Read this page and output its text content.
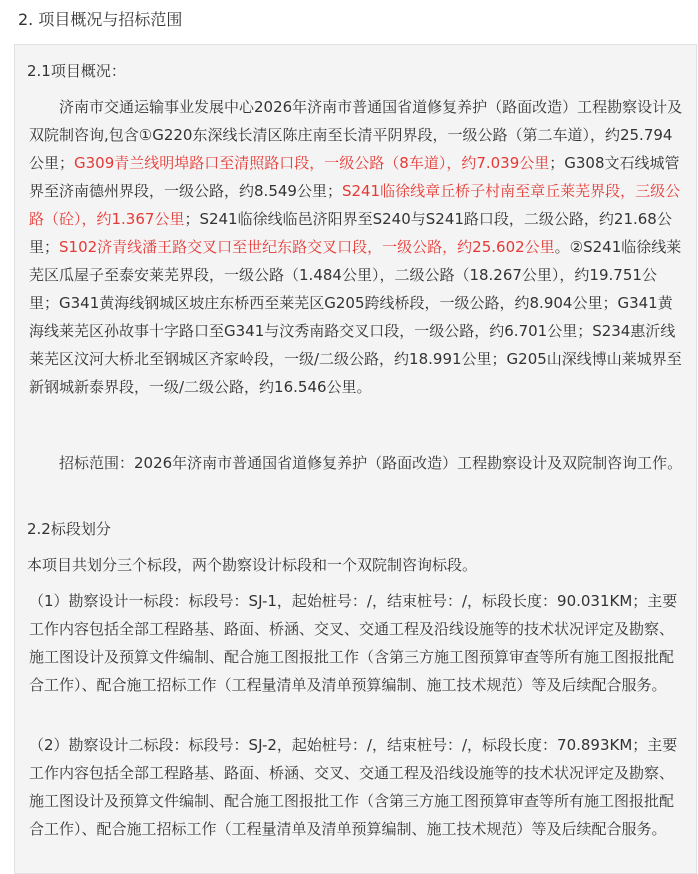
2. 项目概况与招标范围
2.1项目概况：

　　济南市交通运输事业发展中心2026年济南市普通国省道修复养护（路面改造）工程勘察设计及双院制咨询,包含①G220东深线长清区陈庄南至长清平阴界段，一级公路（第二车道），约25.794公里；G309青兰线明埠路口至清照路口段，一级公路（8车道），约7.039公里；G308文石线城管界至济南德州界段，一级公路，约8.549公里；S241临徐线章丘桥子村南至章丘莱芜界段，三级公路（砼），约1.367公里；S241临徐线临邑济阳界至S240与S241路口段，二级公路，约21.68公里；S102济青线潘王路交叉口至世纪东路交叉口段，一级公路，约25.602公里。②S241临徐线莱芜区瓜屋子至泰安莱芜界段，一级公路（1.484公里），二级公路（18.267公里），约19.751公里；G341黄海线钢城区坡庄东桥西至莱芜区G205跨线桥段，一级公路，约8.904公里；G341黄海线莱芜区孙故事十字路口至G341与汶秀南路交叉口段，一级公路，约6.701公里；S234惠沂线莱芜区汶河大桥北至钢城区齐家岭段，一级/二级公路，约18.991公里；G205山深线博山莱城界至新钢城新泰界段，一级/二级公路，约16.546公里。

　　招标范围：2026年济南市普通国省道修复养护（路面改造）工程勘察设计及双院制咨询工作。

2.2标段划分

本项目共划分三个标段，两个勘察设计标段和一个双院制咨询标段。

（1）勘察设计一标段：标段号：SJ-1，起始桩号：/，结束桩号：/，标段长度：90.031KM；主要工作内容包括全部工程路基、路面、桥涵、交叉、交通工程及沿线设施等的技术状况评定及勘察、施工图设计及预算文件编制、配合施工图报批工作（含第三方施工图预算审查等所有施工图报批配合工作）、配合施工招标工作（工程量清单及清单预算编制、施工技术规范）等及后续配合服务。

（2）勘察设计二标段：标段号：SJ-2，起始桩号：/，结束桩号：/，标段长度：70.893KM；主要工作内容包括全部工程路基、路面、桥涵、交叉、交通工程及沿线设施等的技术状况评定及勘察、施工图设计及预算文件编制、配合施工图报批工作（含第三方施工图预算审查等所有施工图报批配合工作）、配合施工招标工作（工程量清单及清单预算编制、施工技术规范）等及后续配合服务。
